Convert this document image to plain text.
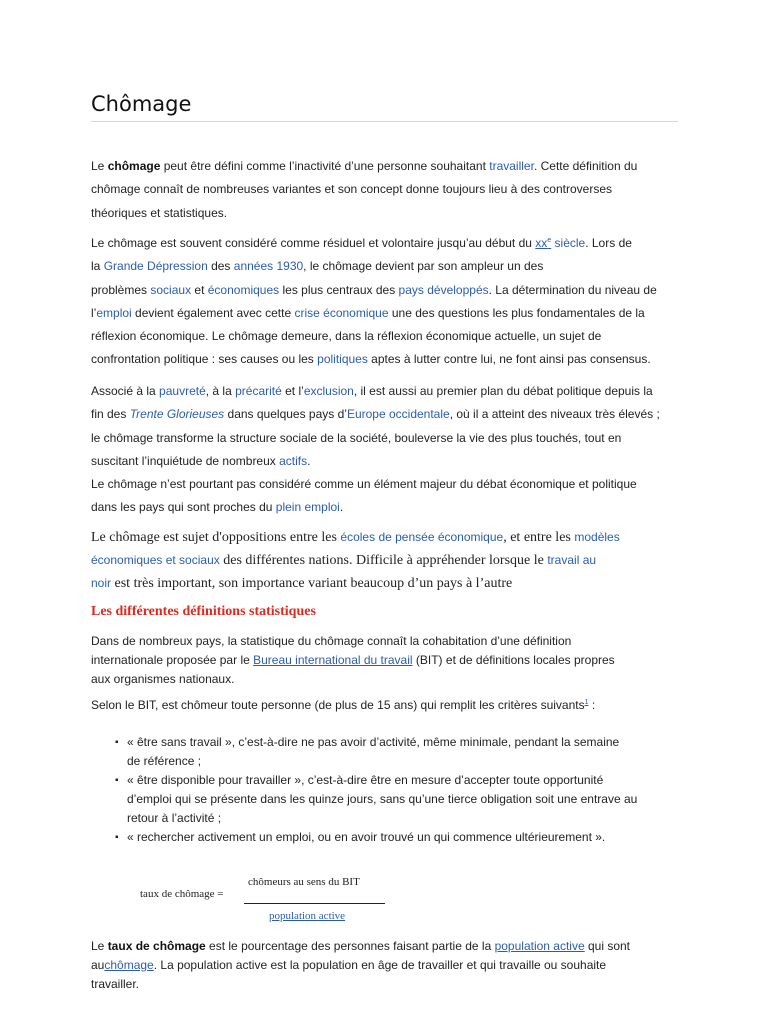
Chômage

Le chômage peut être défini comme l’inactivité d’une personne souhaitant travailler. Cette définition du
chômage connaît de nombreuses variantes et son concept donne toujours lieu à des controverses
théoriques et statistiques.

Le chômage est souvent considéré comme résiduel et volontaire jusqu’au début du $xx^e$ siècle. Lors de
la Grande Dépression des années 1930, le chômage devient par son ampleur un des
problèmes sociaux et économiques les plus centraux des pays développés. La détermination du niveau de
l’emploi devient également avec cette crise économique une des questions les plus fondamentales de la
réflexion économique. Le chômage demeure, dans la réflexion économique actuelle, un sujet de
confrontation politique : ses causes ou les politiques aptes à lutter contre lui, ne font ainsi pas consensus.

Associé à la pauvreté, à la précarité et l’exclusion, il est aussi au premier plan du débat politique depuis la
fin des Trente Glorieuses dans quelques pays d’Europe occidentale, où il a atteint des niveaux très élevés ;
le chômage transforme la structure sociale de la société, bouleverse la vie des plus touchés, tout en
suscitant l’inquiétude de nombreux actifs.
Le chômage n’est pourtant pas considéré comme un élément majeur du débat économique et politique
dans les pays qui sont proches du plein emploi.

Le chômage est sujet d'oppositions entre les écoles de pensée économique, et entre les modèles
économiques et sociaux des différentes nations. Difficile à appréhender lorsque le travail au
noir est très important, son importance variant beaucoup d’un pays à l’autre

Les différentes définitions statistiques

Dans de nombreux pays, la statistique du chômage connaît la cohabitation d’une définition
internationale proposée par le Bureau international du travail (BIT) et de définitions locales propres
aux organismes nationaux.

Selon le BIT, est chômeur toute personne (de plus de 15 ans) qui remplit les critères suivants$^1$ :

▪ « être sans travail », c’est-à-dire ne pas avoir d’activité, même minimale, pendant la semaine
de référence ;
▪ « être disponible pour travailler », c’est-à-dire être en mesure d’accepter toute opportunité
d’emploi qui se présente dans les quinze jours, sans qu’une tierce obligation soit une entrave au
retour à l’activité ;
▪ « rechercher activement un emploi, ou en avoir trouvé un qui commence ultérieurement ».
taux de chômage =
chômeurs au sens du BIT
population active

Le taux de chômage est le pourcentage des personnes faisant partie de la population active qui sont
auchômage. La population active est la population en âge de travailler et qui travaille ou souhaite
travailler.
